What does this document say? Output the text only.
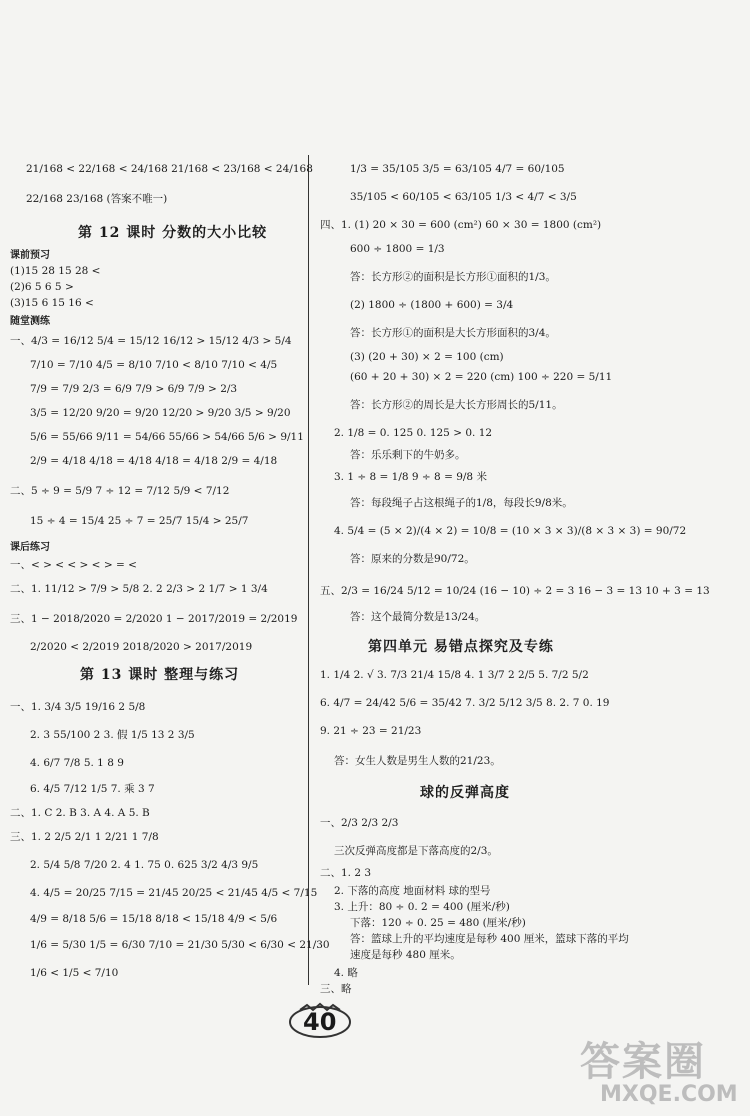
21/168 < 22/168 < 24/168 21/168 < 23/168 < 24/168
22/168 23/168 (答案不唯一)
第 12 课时 分数的大小比较
课前预习
(1)15 28 15 28 <
(2)6 5 6 5 >
(3)15 6 15 16 <
随堂测练
一、4/3 = 16/12 5/4 = 15/12 16/12 > 15/12 4/3 > 5/4
7/10 = 7/10 4/5 = 8/10 7/10 < 8/10 7/10 < 4/5
7/9 = 7/9 2/3 = 6/9 7/9 > 6/9 7/9 > 2/3
3/5 = 12/20 9/20 = 9/20 12/20 > 9/20 3/5 > 9/20
5/6 = 55/66 9/11 = 54/66 55/66 > 54/66 5/6 > 9/11
2/9 = 4/18 4/18 = 4/18 4/18 = 4/18 2/9 = 4/18
二、5 ÷ 9 = 5/9 7 ÷ 12 = 7/12 5/9 < 7/12
15 ÷ 4 = 15/4 25 ÷ 7 = 25/7 15/4 > 25/7
课后练习
一、< > < < > < > = <
二、1. 11/12 > 7/9 > 5/8 2. 2 2/3 > 2 1/7 > 1 3/4
三、1 − 2018/2020 = 2/2020 1 − 2017/2019 = 2/2019
2/2020 < 2/2019 2018/2020 > 2017/2019
第 13 课时 整理与练习
一、1. 3/4 3/5 19/16 2 5/8
2. 3 55/100 2 3. 假 1/5 13 2 3/5
4. 6/7 7/8 5. 1 8 9
6. 4/5 7/12 1/5 7. 乘 3 7
二、1. C 2. B 3. A 4. A 5. B
三、1. 2 2/5 2/1 1 2/21 1 7/8
2. 5/4 5/8 7/20 2. 4 1. 75 0. 625 3/2 4/3 9/5
4. 4/5 = 20/25 7/15 = 21/45 20/25 < 21/45 4/5 < 7/15
4/9 = 8/18 5/6 = 15/18 8/18 < 15/18 4/9 < 5/6
1/6 = 5/30 1/5 = 6/30 7/10 = 21/30 5/30 < 6/30 < 21/30
1/6 < 1/5 < 7/10
1/3 = 35/105 3/5 = 63/105 4/7 = 60/105
35/105 < 60/105 < 63/105 1/3 < 4/7 < 3/5
四、1. (1) 20 × 30 = 600 (cm²) 60 × 30 = 1800 (cm²)
600 ÷ 1800 = 1/3
答：长方形②的面积是长方形①面积的1/3。
(2) 1800 ÷ (1800 + 600) = 3/4
答：长方形①的面积是大长方形面积的3/4。
(3) (20 + 30) × 2 = 100 (cm)
(60 + 20 + 30) × 2 = 220 (cm) 100 ÷ 220 = 5/11
答：长方形②的周长是大长方形周长的5/11。
2. 1/8 = 0. 125 0. 125 > 0. 12
答：乐乐剩下的牛奶多。
3. 1 ÷ 8 = 1/8 9 ÷ 8 = 9/8 米
答：每段绳子占这根绳子的1/8，每段长9/8米。
4. 5/4 = (5 × 2)/(4 × 2) = 10/8 = (10 × 3 × 3)/(8 × 3 × 3) = 90/72
答：原来的分数是90/72。
五、2/3 = 16/24 5/12 = 10/24 (16 − 10) ÷ 2 = 3 16 − 3 = 13 10 + 3 = 13
答：这个最简分数是13/24。
第四单元 易错点探究及专练
1. 1/4 2. √ 3. 7/3 21/4 15/8 4. 1 3/7 2 2/5 5. 7/2 5/2
6. 4/7 = 24/42 5/6 = 35/42 7. 3/2 5/12 3/5 8. 2. 7 0. 19
9. 21 ÷ 23 = 21/23
答：女生人数是男生人数的21/23。
球的反弹高度
一、2/3 2/3 2/3
三次反弹高度都是下落高度的2/3。
二、1. 2 3
2. 下落的高度 地面材料 球的型号
3. 上升：80 ÷ 0. 2 = 400 (厘米/秒)
下落：120 ÷ 0. 25 = 480 (厘米/秒)
答：篮球上升的平均速度是每秒 400 厘米，篮球下落的平均
速度是每秒 480 厘米。
4. 略
三、略
40
答案圈
MXQE.COM
